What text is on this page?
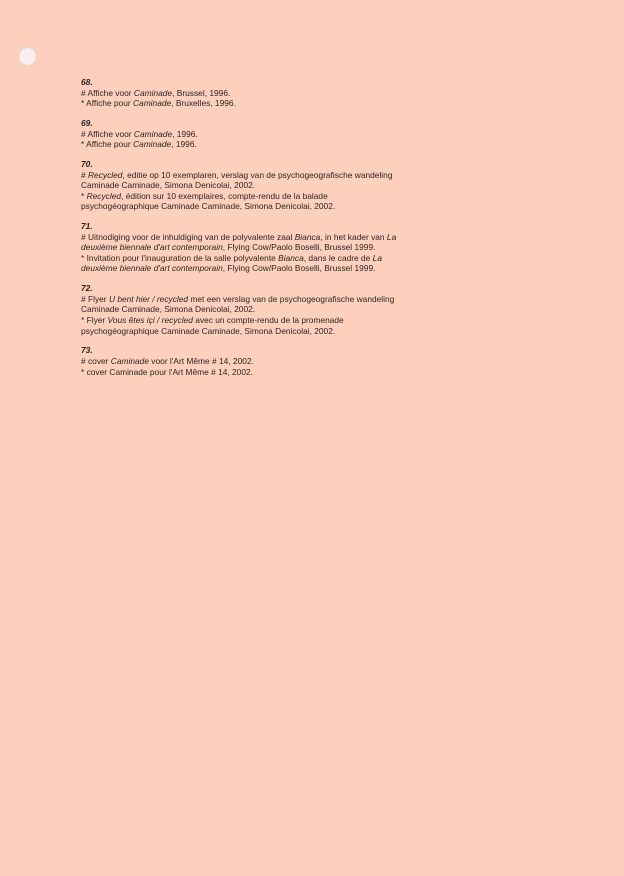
68.
# Affiche voor Caminade, Brussel, 1996.
* Affiche pour Caminade, Bruxelles, 1996.
69.
# Affiche voor Caminade, 1996.
* Affiche pour Caminade, 1996.
70.
# Recycled, editie op 10 exemplaren, verslag van de psychogeografische wandeling
Caminade Caminade, Simona Denicolai, 2002.
* Recycled, édition sur 10 exemplaires, compte-rendu de la balade
psychogéographique Caminade Caminade, Simona Denicolai, 2002.
71.
# Uitnodiging voor de inhuldiging van de polyvalente zaal Bianca, in het kader van La
deuxième biennale d'art contemporain, Flying Cow/Paolo Boselli, Brussel 1999.
* Invitation pour l'inauguration de la salle polyvalente Bianca, dans le cadre de La
deuxième biennale d'art contemporain, Flying Cow/Paolo Boselli, Brussel 1999.
72.
# Flyer U bent hier / recycled met een verslag van de psychogeografische wandeling
Caminade Caminade, Simona Denicolai, 2002.
* Flyer Vous êtes içi / recycled avec un compte-rendu de la promenade
psychogéographique Caminade Caminade, Simona Denicolai, 2002.
73.
# cover Caminade voor l'Art Même # 14, 2002.
* cover Caminade pour l'Art Même # 14, 2002.
